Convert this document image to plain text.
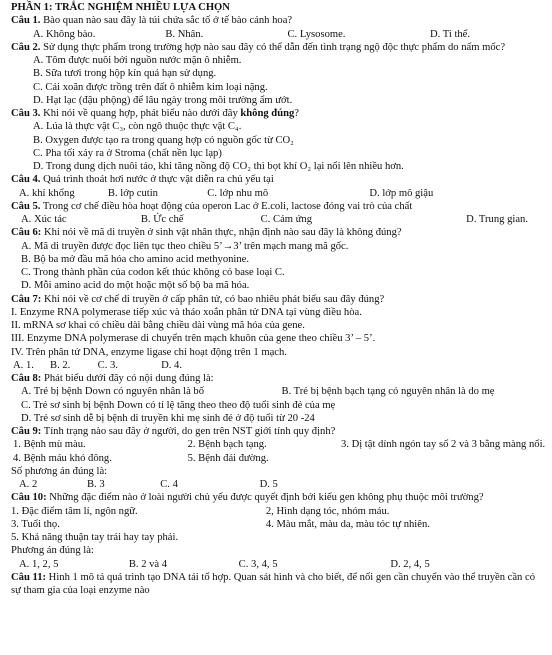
PHẦN 1: TRẮC NGHIỆM NHIỀU LỰA CHỌN
Câu 1. Bào quan nào sau đây là túi chứa sắc tố ở tế bào cánh hoa?
A. Không bào.	B. Nhân.	C. Lysosome.	D. Ti thể.
Câu 2. Sử dụng thực phẩm trong trường hợp nào sau đây có thể dẫn đến tình trạng ngộ độc thực phẩm do nấm mốc?
A. Tôm được nuôi bởi nguồn nước mặn ô nhiễm.
B. Sữa tươi trong hộp kín quá hạn sử dụng.
C. Cải xoăn được trồng trên đất ô nhiễm kim loại nặng.
D. Hạt lạc (đậu phộng) để lâu ngày trong môi trường ẩm ướt.
Câu 3. Khi nói về quang hợp, phát biểu nào dưới đây không đúng?
A. Lúa là thực vật C₃, còn ngô thuộc thực vật C₄.
B. Oxygen được tạo ra trong quang hợp có nguồn gốc từ CO₂
C. Pha tối xảy ra ở Stroma (chất nền lục lạp)
D. Trong dung dịch nuôi tảo, khi tăng nồng độ CO₂ thì bọt khí O₂ lại nổi lên nhiều hơn.
Câu 4. Quá trình thoát hơi nước ở thực vật diễn ra chủ yếu tại
A. khí khổng	B. lớp cutin	C. lớp nhu mô	D. lớp mô giậu
Câu 5. Trong cơ chế điều hòa hoạt động của operon Lac ở E.coli, lactose đóng vai trò của chất
A. Xúc tác	B. Ức chế	C. Cảm ứng	D. Trung gian.
Câu 6: Khi nói về mã di truyền ở sinh vật nhân thực, nhận định nào sau đây là không đúng?
A. Mã di truyền được đọc liên tục theo chiều 5’→3’ trên mạch mang mã gốc.
B. Bộ ba mở đầu mã hóa cho amino acid methyonine.
C. Trong thành phần của codon kết thúc không có base loại C.
D. Mỗi amino acid do một hoặc một số bộ ba mã hóa.
Câu 7: Khi nói về cơ chế di truyền ở cấp phân tử, có bao nhiêu phát biểu sau đây đúng?
I. Enzyme RNA polymerase tiếp xúc và tháo xoắn phân tử DNA tại vùng điều hòa.
II. mRNA sơ khai có chiều dài bằng chiều dài vùng mã hóa của gene.
III. Enzyme DNA polymerase di chuyển trên mạch khuôn của gene theo chiều 3’ – 5’.
IV. Trên phân tử DNA, enzyme ligase chỉ hoạt động trên 1 mạch.
A. 1.	B. 2.	C. 3.	D. 4.
Câu 8: Phát biểu dưới đây có nội dung đúng là:
A. Trẻ bị bệnh Down có nguyên nhân là bố	B. Trẻ bị bệnh bạch tạng có nguyên nhân là do mẹ
C. Trẻ sơ sinh bị bệnh Down có tỉ lệ tăng theo theo độ tuổi sinh đẻ của mẹ
D. Trẻ sơ sinh dễ bị bệnh di truyền khi mẹ sinh đẻ ở độ tuổi từ 20 -24
Câu 9: Tính trạng nào sau đây ở người, do gen trên NST giới tính quy định?
1. Bệnh mù màu.	2. Bệnh bạch tạng.	3. Dị tật dính ngón tay số 2 và 3 bằng màng nối.
4. Bệnh máu khó đông.	5. Bệnh đái đường.
Số phương án đúng là:
A. 2	B. 3	C. 4	D. 5
Câu 10: Những đặc điểm nào ở loài người chủ yếu được quyết định bởi kiểu gen không phụ thuộc môi trường?
1. Đặc điểm tâm lí, ngôn ngữ.	2, Hình dạng tóc, nhóm máu.
3. Tuổi thọ.	4. Màu mắt, màu da, màu tóc tự nhiên.
5. Khả năng thuận tay trái hay tay phải.
Phương án đúng là:
A. 1, 2, 5	B. 2 và 4	C. 3, 4, 5	D. 2, 4, 5
Câu 11: Hình 1 mô tả quá trình tạo DNA tái tổ hợp. Quan sát hình và cho biết, để nối gen cần chuyển vào thể truyền cần có sự tham gia của loại enzyme nào
